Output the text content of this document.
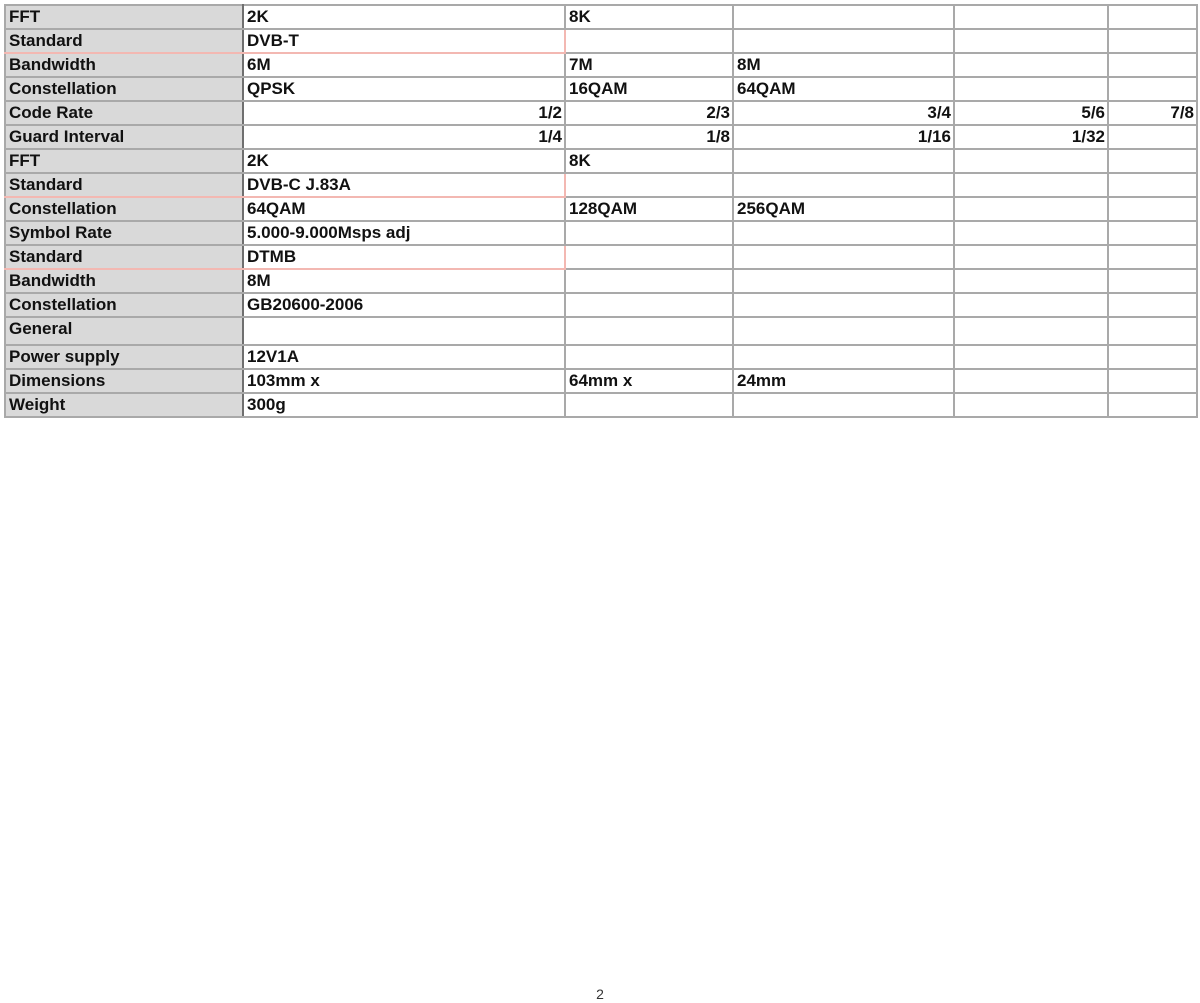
FFT	2K	8K			
Standard	DVB-T				
Bandwidth	6M	7M	8M		
Constellation	QPSK	16QAM	64QAM		
Code Rate	1/2	2/3	3/4	5/6	7/8
Guard Interval	1/4	1/8	1/16	1/32	
FFT	2K	8K			
Standard	DVB-C J.83A				
Constellation	64QAM	128QAM	256QAM		
Symbol Rate	5.000-9.000Msps adj				
Standard	DTMB				
Bandwidth	8M				
Constellation	GB20600-2006				
General					
Power supply	12V1A				
Dimensions	103mm x	64mm x	24mm		
Weight	300g				
2
